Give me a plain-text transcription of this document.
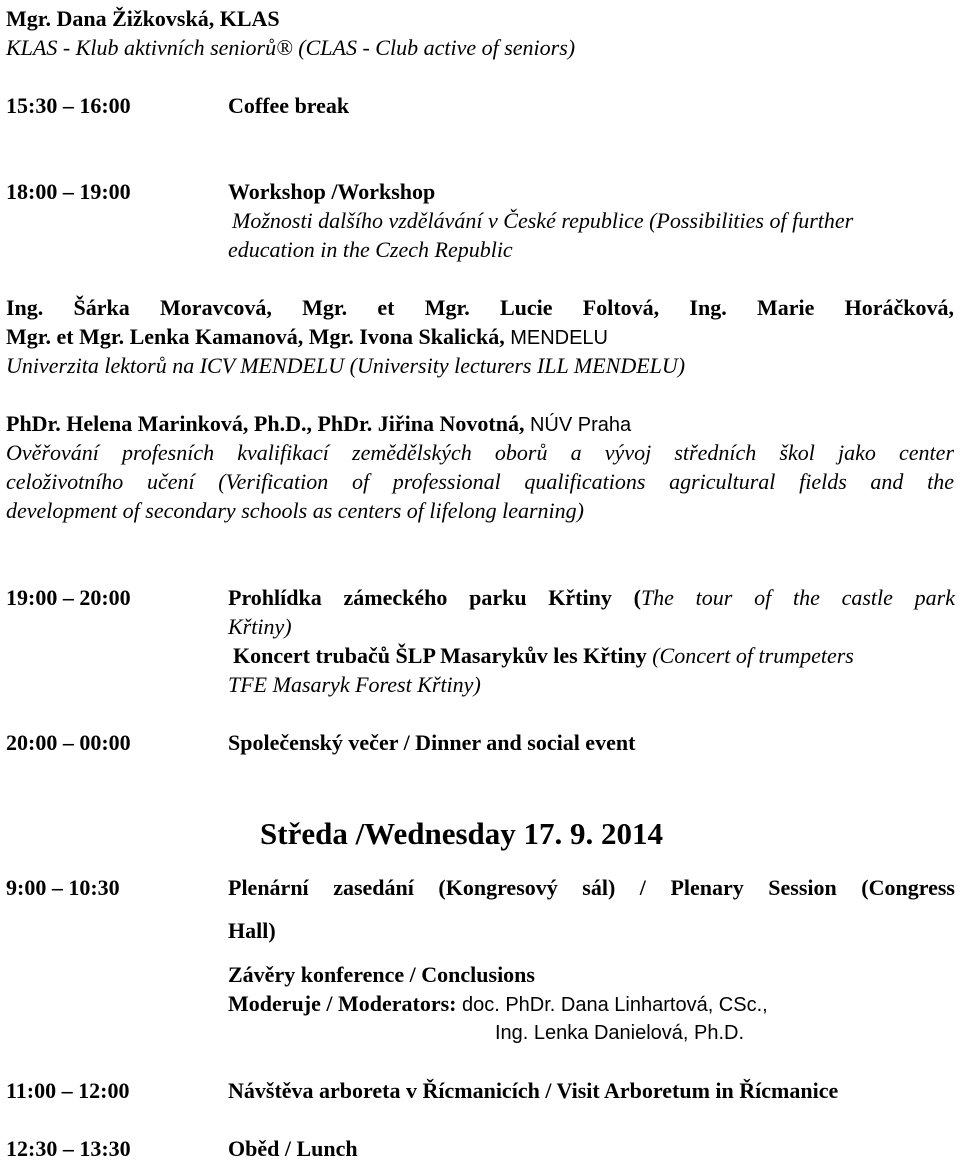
Mgr. Dana Žižkovská, KLAS
KLAS - Klub aktivních seniorů® (CLAS - Club active of seniors)
15:30 – 16:00	Coffee break
18:00 – 19:00	Workshop /Workshop
Možnosti dalšího vzdělávání v České republice (Possibilities of further
education in the Czech Republic
Ing. Šárka Moravcová, Mgr. et Mgr. Lucie Foltová, Ing. Marie Horáčková,
Mgr. et Mgr. Lenka Kamanová, Mgr. Ivona Skalická, MENDELU
Univerzita lektorů na ICV MENDELU (University lecturers ILL MENDELU)
PhDr. Helena Marinková, Ph.D., PhDr. Jiřina Novotná, NÚV Praha
Ověřování profesních kvalifikací zemědělských oborů a vývoj středních škol jako center
celoživotního učení (Verification of professional qualifications agricultural fields and the
development of secondary schools as centers of lifelong learning)
19:00 – 20:00	Prohlídka zámeckého parku Křtiny (The tour of the castle park
Křtiny)
Koncert trubačů ŠLP Masarykův les Křtiny (Concert of trumpeters
TFE Masaryk Forest Křtiny)
20:00 – 00:00	Společenský večer / Dinner and social event
Středa /Wednesday 17. 9. 2014
9:00 – 10:30	Plenární zasedání (Kongresový sál) / Plenary Session (Congress
Hall)
Závěry konference / Conclusions
Moderuje / Moderators: doc. PhDr. Dana Linhartová, CSc.,
Ing. Lenka Danielová, Ph.D.
11:00 – 12:00	Návštěva arboreta v Řícmanicích / Visit Arboretum in Řícmanice
12:30 – 13:30	Oběd / Lunch
